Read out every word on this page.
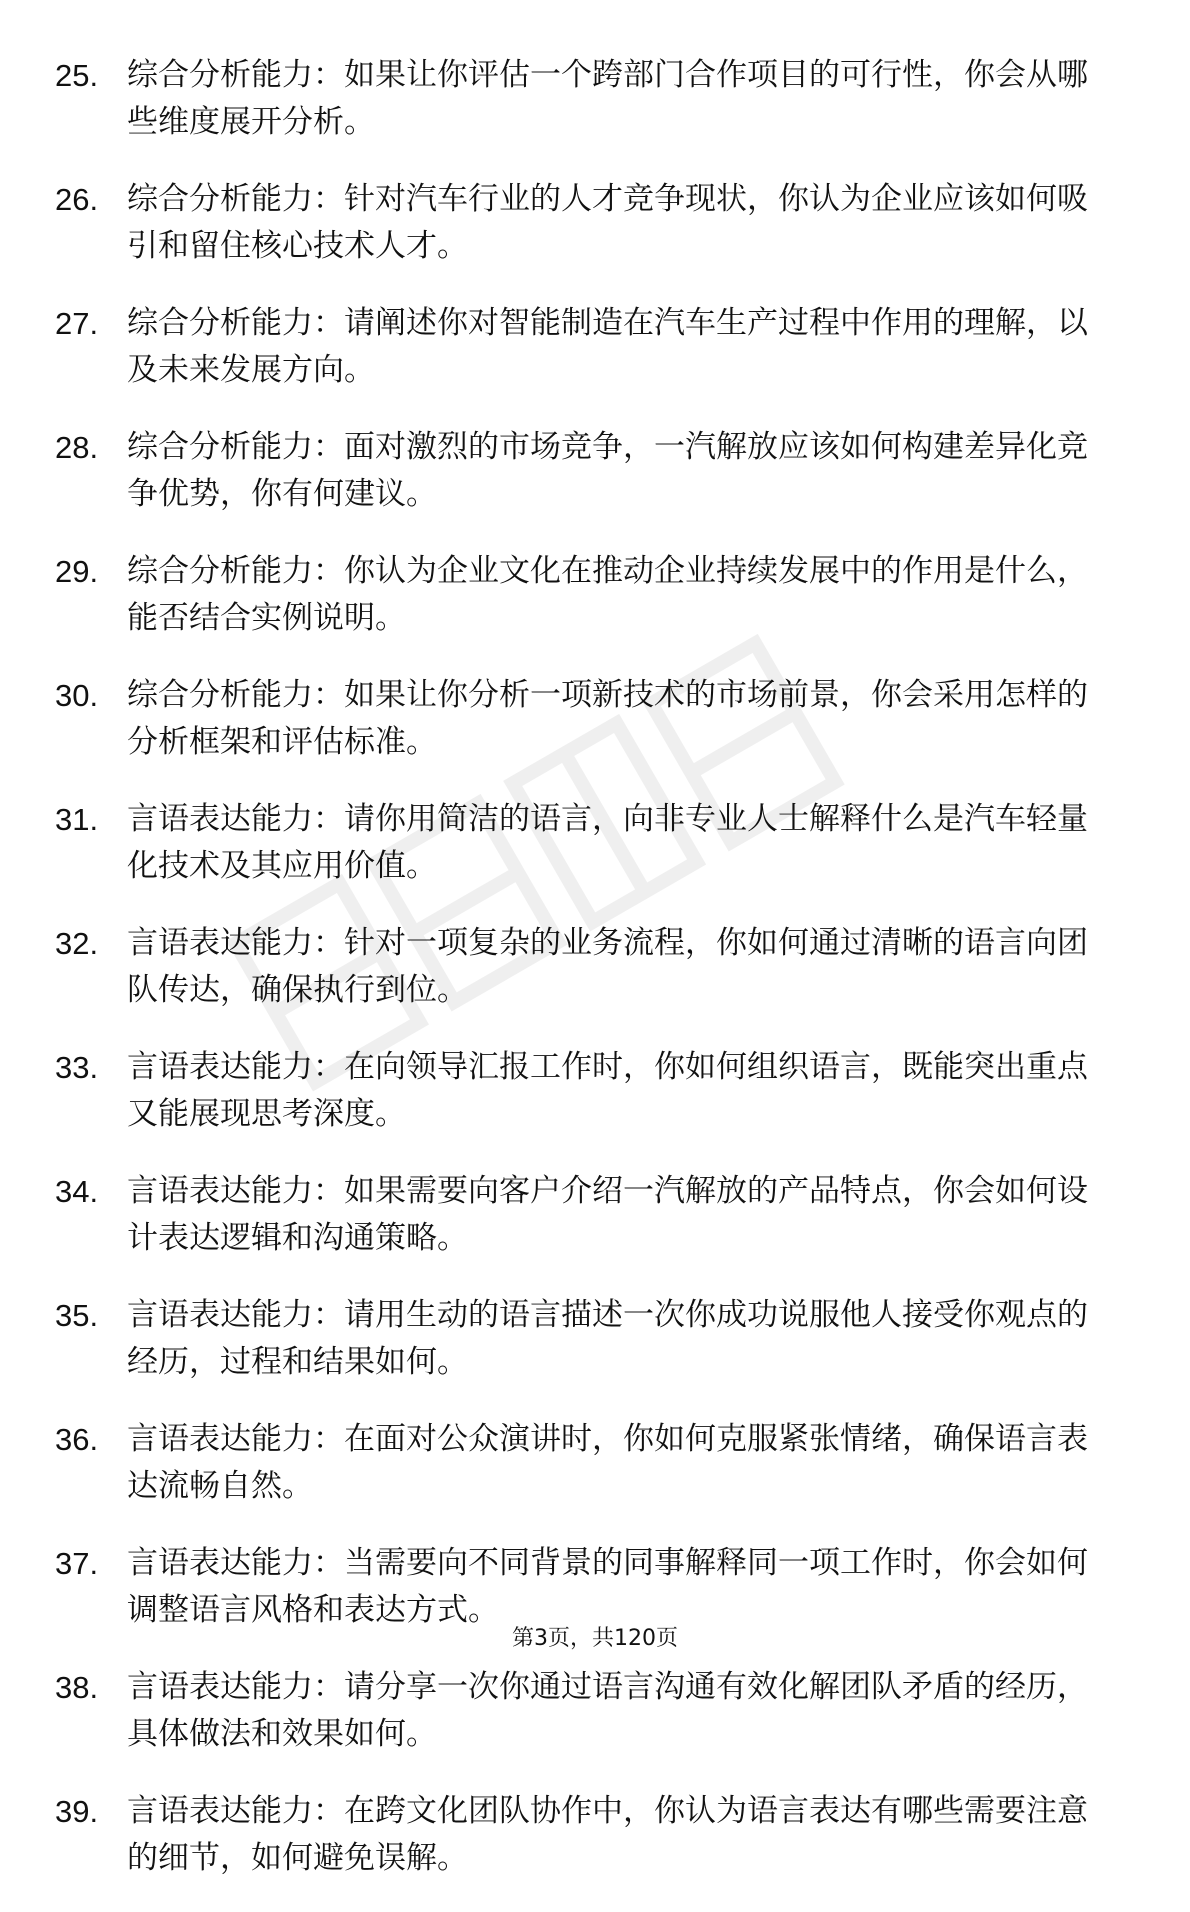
25. 综合分析能力：如果让你评估一个跨部门合作项目的可行性，你会从哪些维度展开分析。
26. 综合分析能力：针对汽车行业的人才竞争现状，你认为企业应该如何吸引和留住核心技术人才。
27. 综合分析能力：请阐述你对智能制造在汽车生产过程中作用的理解，以及未来发展方向。
28. 综合分析能力：面对激烈的市场竞争，一汽解放应该如何构建差异化竞争优势，你有何建议。
29. 综合分析能力：你认为企业文化在推动企业持续发展中的作用是什么，能否结合实例说明。
30. 综合分析能力：如果让你分析一项新技术的市场前景，你会采用怎样的分析框架和评估标准。
31. 言语表达能力：请你用简洁的语言，向非专业人士解释什么是汽车轻量化技术及其应用价值。
32. 言语表达能力：针对一项复杂的业务流程，你如何通过清晰的语言向团队传达，确保执行到位。
33. 言语表达能力：在向领导汇报工作时，你如何组织语言，既能突出重点又能展现思考深度。
34. 言语表达能力：如果需要向客户介绍一汽解放的产品特点，你会如何设计表达逻辑和沟通策略。
35. 言语表达能力：请用生动的语言描述一次你成功说服他人接受你观点的经历，过程和结果如何。
36. 言语表达能力：在面对公众演讲时，你如何克服紧张情绪，确保语言表达流畅自然。
37. 言语表达能力：当需要向不同背景的同事解释同一项工作时，你会如何调整语言风格和表达方式。
38. 言语表达能力：请分享一次你通过语言沟通有效化解团队矛盾的经历，具体做法和效果如何。
39. 言语表达能力：在跨文化团队协作中，你认为语言表达有哪些需要注意的细节，如何避免误解。
第3页，共120页
